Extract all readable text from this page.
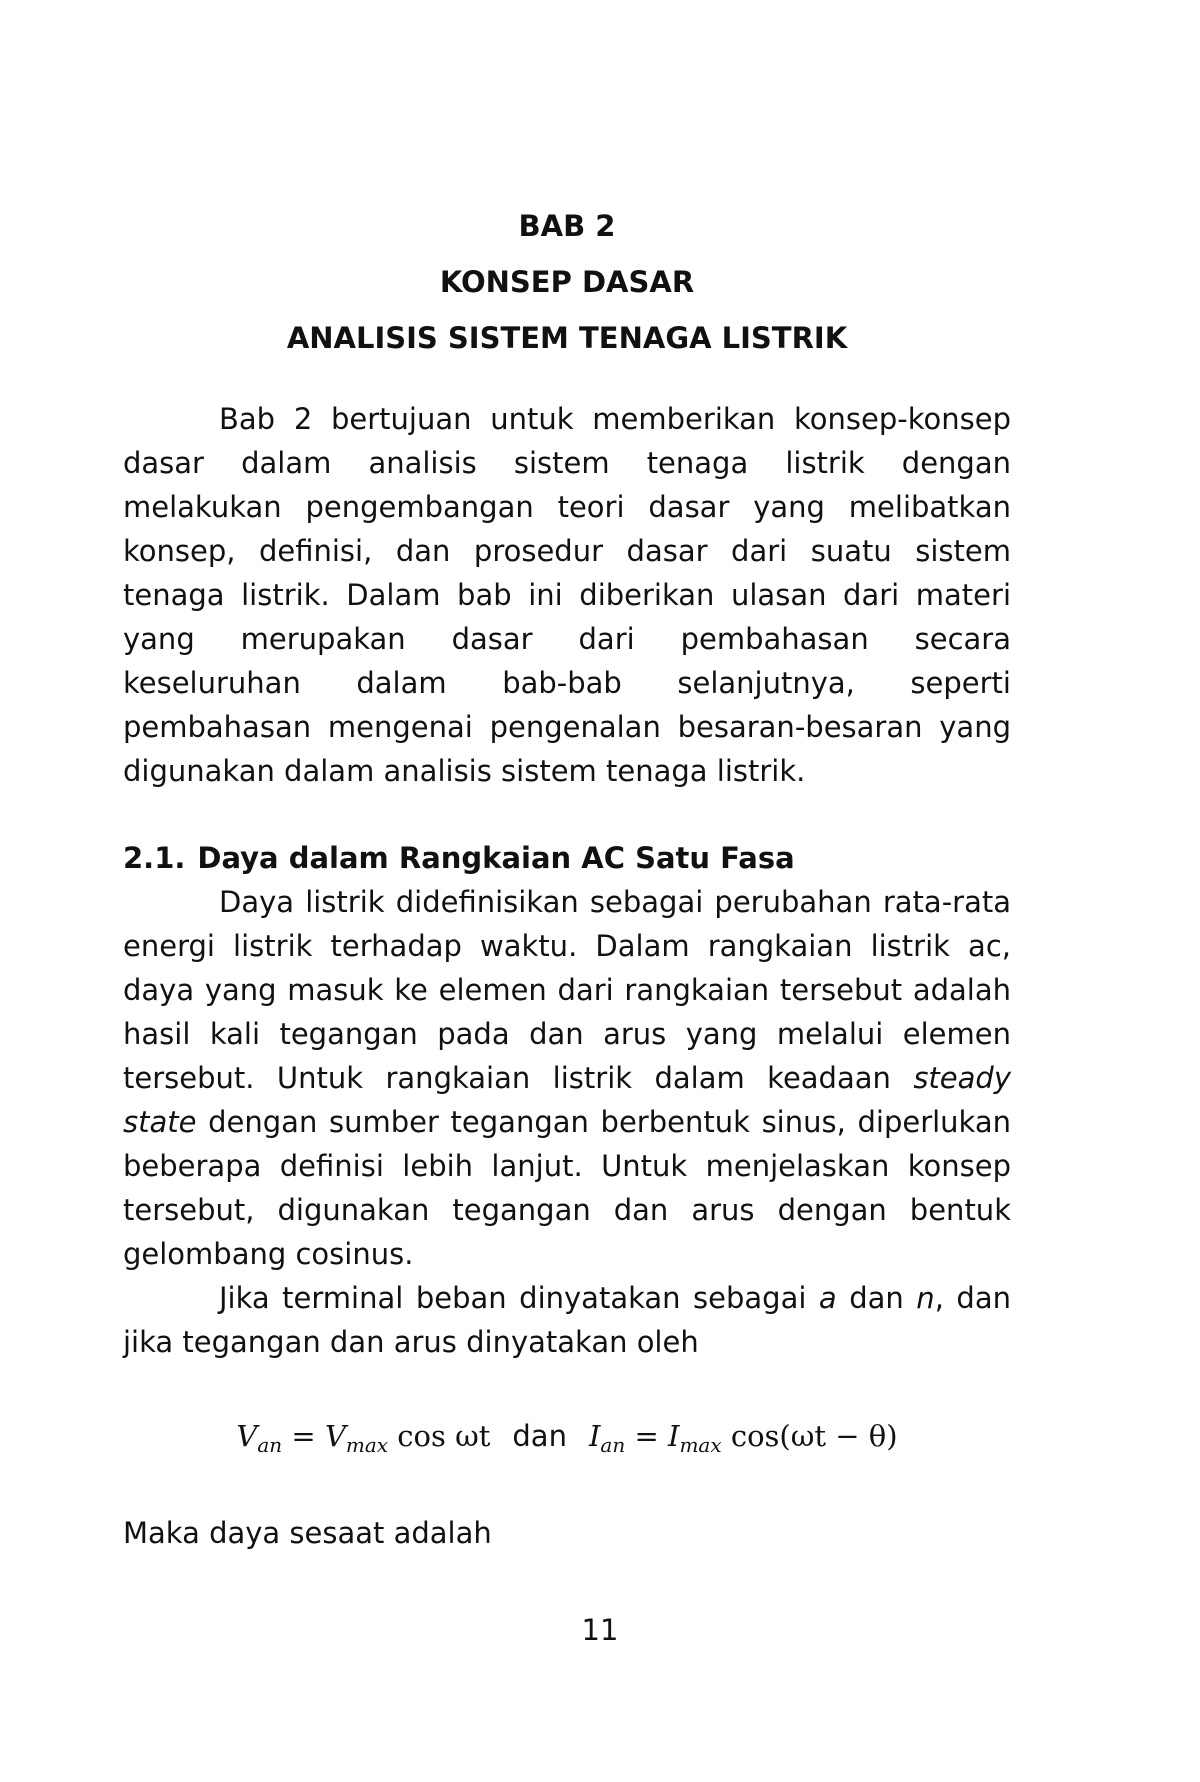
BAB 2
KONSEP DASAR
ANALISIS SISTEM TENAGA LISTRIK

Bab 2 bertujuan untuk memberikan konsep-konsep dasar dalam analisis sistem tenaga listrik dengan melakukan pengembangan teori dasar yang melibatkan konsep, definisi, dan prosedur dasar dari suatu sistem tenaga listrik. Dalam bab ini diberikan ulasan dari materi yang merupakan dasar dari pembahasan secara keseluruhan dalam bab-bab selanjutnya, seperti pembahasan mengenai pengenalan besaran-besaran yang digunakan dalam analisis sistem tenaga listrik.

2.1. Daya dalam Rangkaian AC Satu Fasa

Daya listrik didefinisikan sebagai perubahan rata-rata energi listrik terhadap waktu. Dalam rangkaian listrik ac, daya yang masuk ke elemen dari rangkaian tersebut adalah hasil kali tegangan pada dan arus yang melalui elemen tersebut. Untuk rangkaian listrik dalam keadaan steady state dengan sumber tegangan berbentuk sinus, diperlukan beberapa definisi lebih lanjut. Untuk menjelaskan konsep tersebut, digunakan tegangan dan arus dengan bentuk gelombang cosinus.

Jika terminal beban dinyatakan sebagai a dan n, dan jika tegangan dan arus dinyatakan oleh

$V_{an} = V_{max}$ cos ωt dan $I_{an} = I_{max}$ cos(ωt − θ)

Maka daya sesaat adalah

11
